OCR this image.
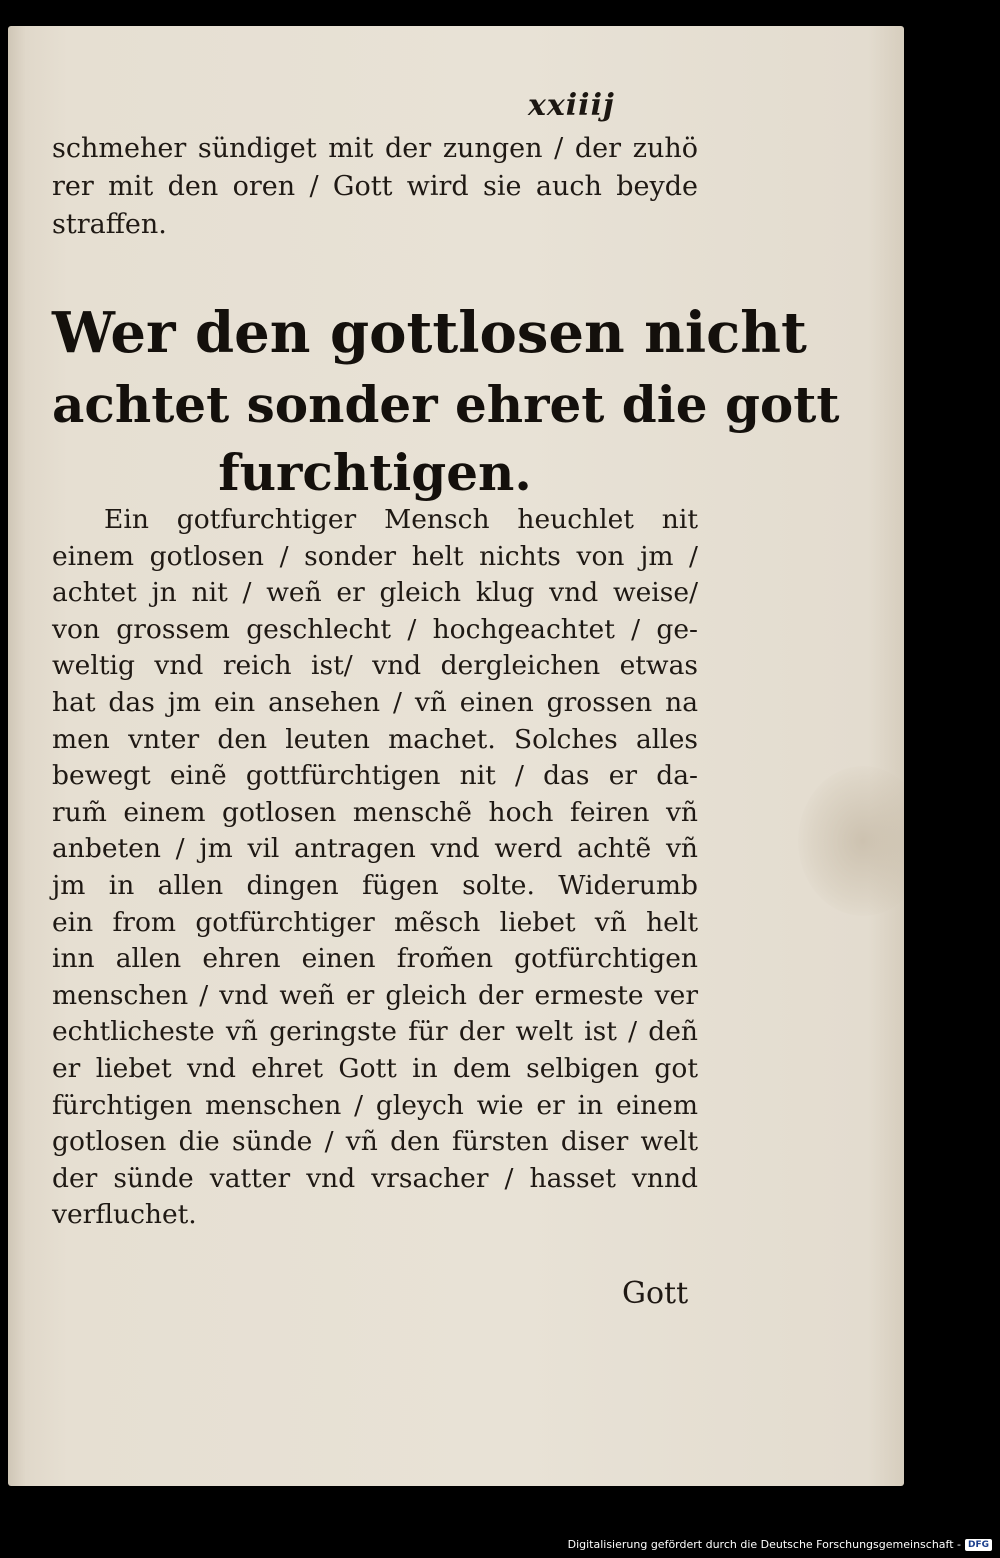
xxiiij
schmeher sündiget mit der zungen / der zuhö
rer mit den oren / Gott wird sie auch beyde
straffen.
Wer den gottlosen nicht
achtet sonder ehret die gott
furchtigen.
Ein gotfurchtiger Mensch heuchlet nit
einem gotlosen / sonder helt nichts von jm /
achtet jn nit / weñ er gleich klug vnd weise/
von grossem geschlecht / hochgeachtet / ge-
weltig vnd reich ist/ vnd dergleichen etwas
hat das jm ein ansehen / vñ einen grossen na
men vnter den leuten machet. Solches alles
bewegt einẽ gottfürchtigen nit / das er da-
rum̃ einem gotlosen menschẽ hoch feiren vñ
anbeten / jm vil antragen vnd werd achtẽ vñ
jm in allen dingen fügen solte. Widerumb
ein from gotfürchtiger mẽsch liebet vñ helt
inn allen ehren einen from̃en gotfürchtigen
menschen / vnd weñ er gleich der ermeste ver
echtlicheste vñ geringste für der welt ist / deñ
er liebet vnd ehret Gott in dem selbigen got
fürchtigen menschen / gleych wie er in einem
gotlosen die sünde / vñ den fürsten diser welt
der sünde vatter vnd vrsacher / hasset vnnd
verfluchet.
Gott
Digitalisierung gefördert durch die Deutsche Forschungsgemeinschaft - DFG
